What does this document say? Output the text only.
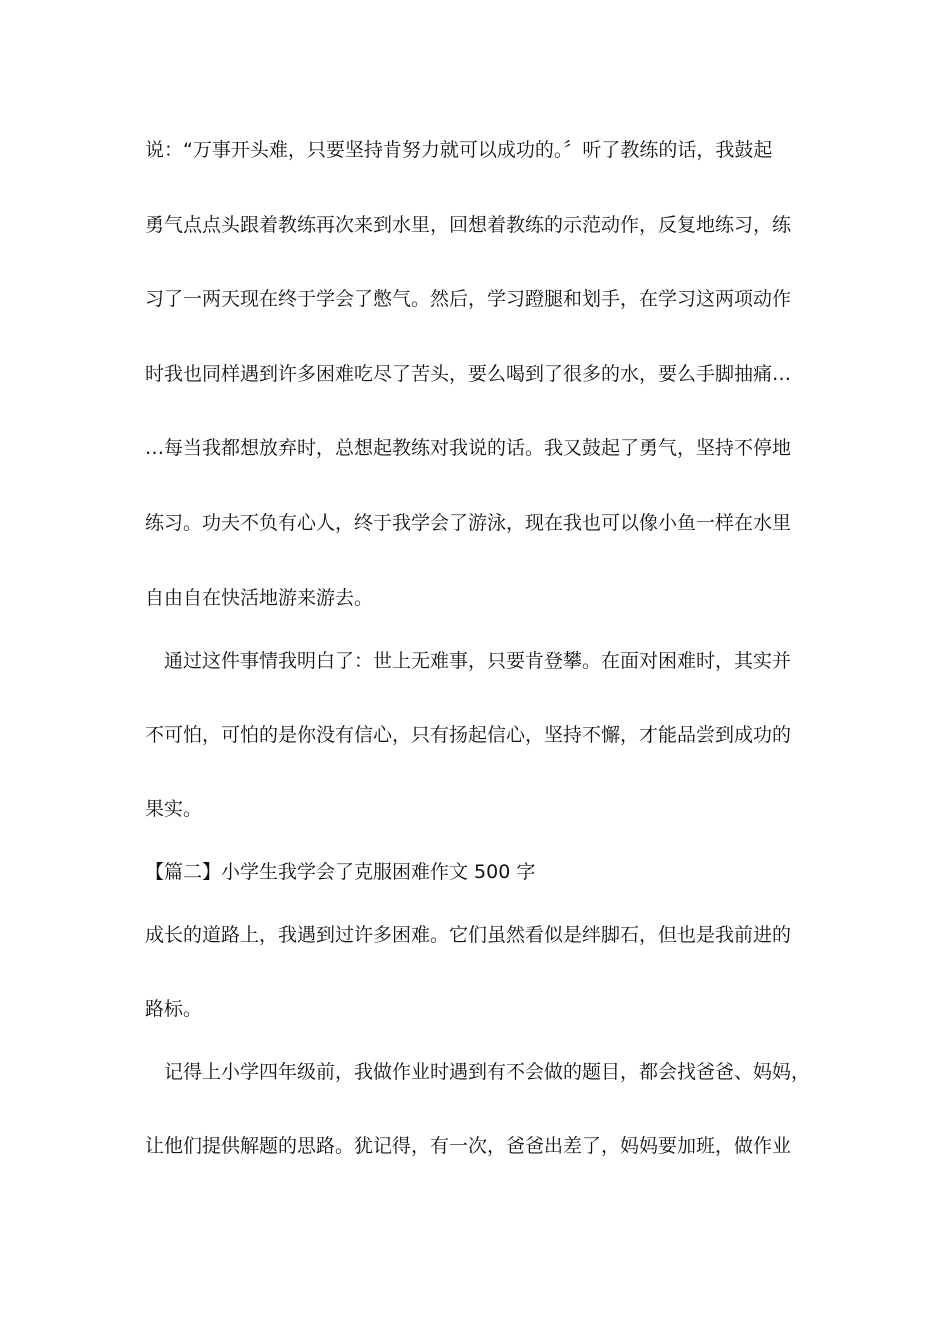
说：“万事开头难，只要坚持肯努力就可以成功的。〞听了教练的话，我鼓起
勇气点点头跟着教练再次来到水里，回想着教练的示范动作，反复地练习，练
习了一两天现在终于学会了憋气。然后，学习蹬腿和划手，在学习这两项动作
时我也同样遇到许多困难吃尽了苦头，要么喝到了很多的水，要么手脚抽痛…
…每当我都想放弃时，总想起教练对我说的话。我又鼓起了勇气，坚持不停地
练习。功夫不负有心人，终于我学会了游泳，现在我也可以像小鱼一样在水里
自由自在快活地游来游去。
　通过这件事情我明白了：世上无难事，只要肯登攀。在面对困难时，其实并
不可怕，可怕的是你没有信心，只有扬起信心，坚持不懈，才能品尝到成功的
果实。
【篇二】小学生我学会了克服困难作文 500 字
成长的道路上，我遇到过许多困难。它们虽然看似是绊脚石，但也是我前进的
路标。
　记得上小学四年级前，我做作业时遇到有不会做的题目，都会找爸爸、妈妈，
让他们提供解题的思路。犹记得，有一次，爸爸出差了，妈妈要加班，做作业
